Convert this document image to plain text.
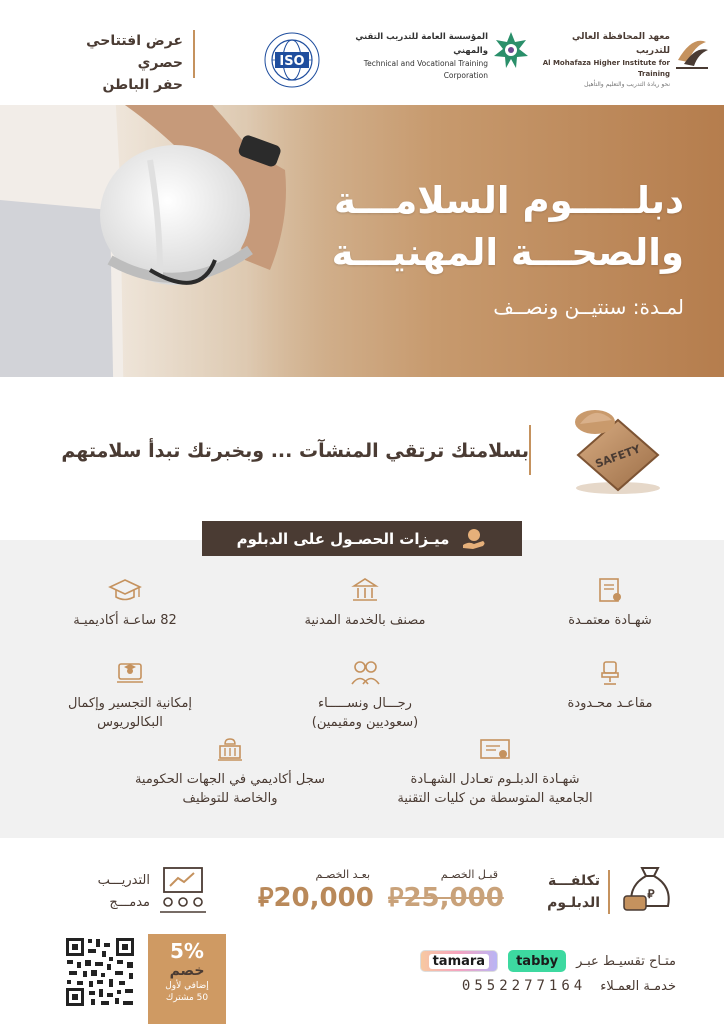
عرض افتتاحي حصري
حفر الباطن
ISO
المؤسسة العامة للتدريب التقني والمهني
Technical and Vocational Training Corporation
معهد المحافظة العالي للتدريب
Al Mohafaza Higher Institute for Training
نحو ريادة التدريب والتعليم والتأهيل
دبلـــــوم السلامـــة
والصحـــة المهنيـــة
لمـدة: سنتيــن ونصــف
SAFETY
بسلامتك ترتقي المنشآت ... وبخبرتك تبدأ سلامتهم
ميـزات الحصـول على الدبلوم
شهـادة معتمـدة
مصنف بالخدمة المدنية
82 ساعـة أكاديميـة
مقاعـد محـدودة
رجـــال ونســـــاء
(سعوديين ومقيمين)
إمكانية التجسير وإكمال
البكالوريوس
شهـادة الدبلـوم تعـادل الشهـادة
الجامعية المتوسطة من كليات التقنية
سجل أكاديمي في الجهات الحكومية
والخاصة للتوظيف
⃁
تكلفـــة
الدبلـوم
قبـل الخصـم
⃁25,000
بعـد الخصـم
⃁20,000
التدريـــب
مدمـــج
5%
خصم
إضافي لأول
50 مشترك
متـاح تقسيـط عبـر
tabby
tamara
خدمـة العمـلاء
0552277164
